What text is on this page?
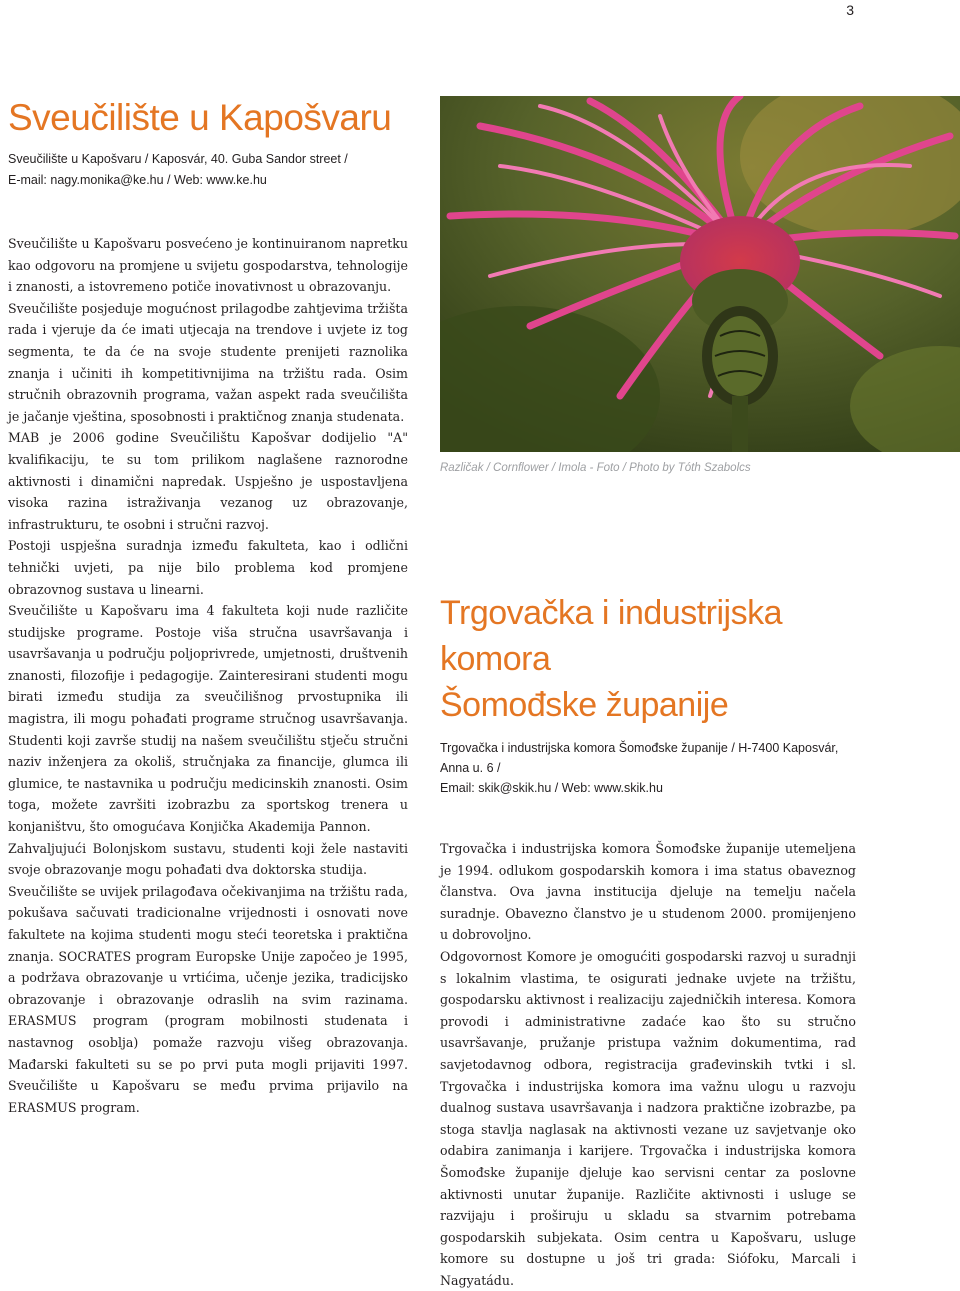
3
Sveučilište u Kapošvaru
Sveučilište u Kapošvaru / Kaposvár, 40. Guba Sandor street /
E-mail: nagy.monika@ke.hu / Web: www.ke.hu

Sveučilište u Kapošvaru posvećeno je kontinuiranom napretku kao odgovoru na promjene u svijetu gospodarstva, tehnologije i znanosti, a istovremeno potiče inovativnost u obrazovanju.

Sveučilište posjeduje mogućnost prilagodbe zahtjevima tržišta rada i vjeruje da će imati utjecaja na trendove i uvjete iz tog segmenta, te da će na svoje studente prenijeti raznolika znanja i učiniti ih kompetitivnijima na tržištu rada. Osim stručnih obrazovnih programa, važan aspekt rada sveučilišta je jačanje vještina, sposobnosti i praktičnog znanja studenata.

MAB je 2006 godine Sveučilištu Kapošvar dodijelio "A" kvalifikaciju, te su tom prilikom naglašene raznorodne aktivnosti i dinamični napredak. Uspješno je uspostavljena visoka razina istraživanja vezanog uz obrazovanje, infrastrukturu, te osobni i stručni razvoj.

Postoji uspješna suradnja između fakulteta, kao i odlični tehnički uvjeti, pa nije bilo problema kod promjene obrazovnog sustava u linearni.

Sveučilište u Kapošvaru ima 4 fakulteta koji nude različite studijske programe. Postoje viša stručna usavršavanja i usavršavanja u području poljoprivrede, umjetnosti, društvenih znanosti, filozofije i pedagogije. Zainteresirani studenti mogu birati između studija za sveučilišnog prvostupnika ili magistra, ili mogu pohađati programe stručnog usavršavanja. Studenti koji završe studij na našem sveučilištu stječu stručni naziv inženjera za okoliš, stručnjaka za financije, glumca ili glumice, te nastavnika u području medicinskih znanosti. Osim toga, možete završiti izobrazbu za sportskog trenera u konjaništvu, što omogućava Konjička Akademija Pannon.

Zahvaljujući Bolonjskom sustavu, studenti koji žele nastaviti svoje obrazovanje mogu pohađati dva doktorska studija.

Sveučilište se uvijek prilagođava očekivanjima na tržištu rada, pokušava sačuvati tradicionalne vrijednosti i osnovati nove fakultete na kojima studenti mogu steći teoretska i praktična znanja. SOCRATES program Europske Unije započeo je 1995, a podržava obrazovanje u vrtićima, učenje jezika, tradicijsko obrazovanje i obrazovanje odraslih na svim razinama. ERASMUS program (program mobilnosti studenata i nastavnog osoblja) pomaže razvoju višeg obrazovanja. Mađarski fakulteti su se po prvi puta mogli prijaviti 1997. Sveučilište u Kapošvaru se među prvima prijavilo na ERASMUS program.

Različak / Cornflower / Imola - Foto / Photo by Tóth Szabolcs
Trgovačka i industrijska komora
Šomođske županije
Trgovačka i industrijska komora Šomođske županije / H-7400 Kaposvár, Anna u. 6 /
Email: skik@skik.hu / Web: www.skik.hu

Trgovačka i industrijska komora Šomođske županije utemeljena je 1994. odlukom gospodarskih komora i ima status obaveznog članstva. Ova javna institucija djeluje na temelju načela suradnje. Obavezno članstvo je u studenom 2000. promijenjeno u dobrovoljno.

Odgovornost Komore je omogućiti gospodarski razvoj u suradnji s lokalnim vlastima, te osigurati jednake uvjete na tržištu, gospodarsku aktivnost i realizaciju zajedničkih interesa. Komora provodi i administrativne zadaće kao što su stručno usavršavanje, pružanje pristupa važnim dokumentima, rad savjetodavnog odbora, registracija građevinskih tvtki i sl. Trgovačka i industrijska komora ima važnu ulogu u razvoju dualnog sustava usavršavanja i nadzora praktične izobrazbe, pa stoga stavlja naglasak na aktivnosti vezane uz savjetvanje oko odabira zanimanja i karijere. Trgovačka i industrijska komora Šomođske županije djeluje kao servisni centar za poslovne aktivnosti unutar županije. Različite aktivnosti i usluge se razvijaju i proširuju u skladu sa stvarnim potrebama gospodarskih subjekata. Osim centra u Kapošvaru, usluge komore su dostupne u još tri grada: Siófoku, Marcali i Nagyatádu.
